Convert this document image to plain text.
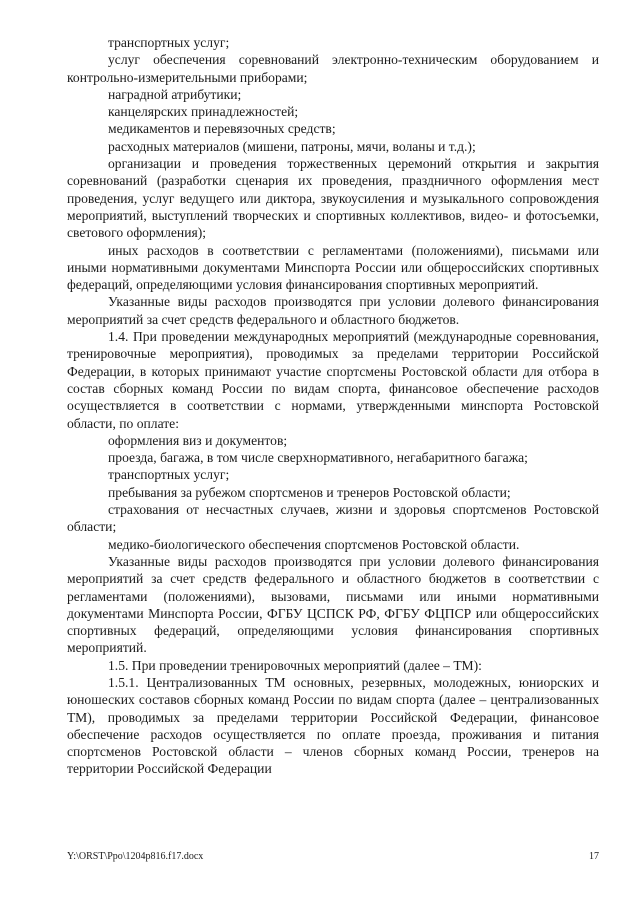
транспортных услуг;

услуг обеспечения соревнований электронно-техническим оборудованием и контрольно-измерительными приборами;

наградной атрибутики;

канцелярских принадлежностей;

медикаментов и перевязочных средств;

расходных материалов (мишени, патроны, мячи, воланы и т.д.);

организации и проведения торжественных церемоний открытия и закрытия соревнований (разработки сценария их проведения, праздничного оформления мест проведения, услуг ведущего или диктора, звукоусиления и музыкального сопровождения мероприятий, выступлений творческих и спортивных коллективов, видео- и фотосъемки, светового оформления);

иных расходов в соответствии с регламентами (положениями), письмами или иными нормативными документами Минспорта России или общероссийских спортивных федераций, определяющими условия финансирования спортивных мероприятий.

Указанные виды расходов производятся при условии долевого финансирования мероприятий за счет средств федерального и областного бюджетов.

1.4. При проведении международных мероприятий (международные соревнования, тренировочные мероприятия), проводимых за пределами территории Российской Федерации, в которых принимают участие спортсмены Ростовской области для отбора в состав сборных команд России по видам спорта, финансовое обеспечение расходов осуществляется в соответствии с нормами, утвержденными минспорта Ростовской области, по оплате:

оформления виз и документов;

проезда, багажа, в том числе сверхнормативного, негабаритного багажа;

транспортных услуг;

пребывания за рубежом спортсменов и тренеров Ростовской области;

страхования от несчастных случаев, жизни и здоровья спортсменов Ростовской области;

медико-биологического обеспечения спортсменов Ростовской области.

Указанные виды расходов производятся при условии долевого финансирования мероприятий за счет средств федерального и областного бюджетов в соответствии с регламентами (положениями), вызовами, письмами или иными нормативными документами Минспорта России, ФГБУ ЦСПСК РФ, ФГБУ ФЦПСР или общероссийских спортивных федераций, определяющими условия финансирования спортивных мероприятий.

1.5. При проведении тренировочных мероприятий (далее – ТМ):

1.5.1. Централизованных ТМ основных, резервных, молодежных, юниорских и юношеских составов сборных команд России по видам спорта (далее – централизованных ТМ), проводимых за пределами территории Российской Федерации, финансовое обеспечение расходов осуществляется по оплате проезда, проживания и питания спортсменов Ростовской области – членов сборных команд России, тренеров на территории Российской Федерации

Y:\ORST\Ppo\1204p816.f17.docx	17
